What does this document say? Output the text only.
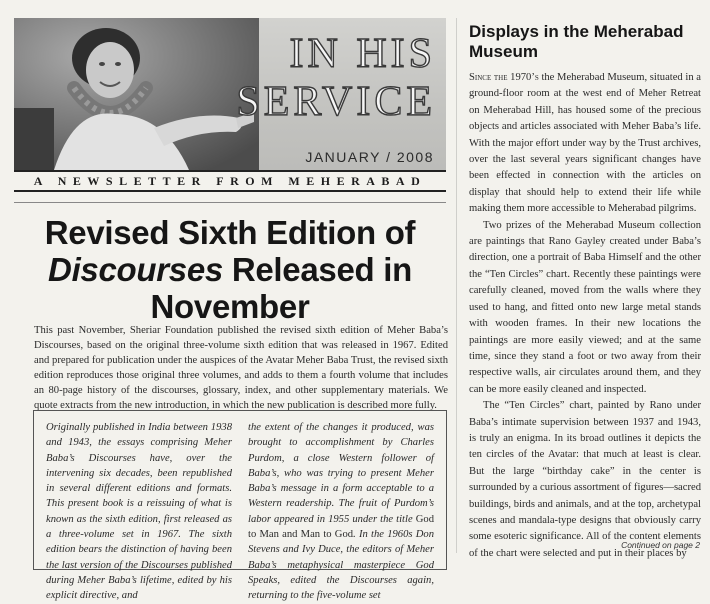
IN HIS
SERVICE
JANUARY / 2008
A NEWSLETTER FROM MEHERABAD
Revised Sixth Edition of Discourses Released in November
This past November, Sheriar Foundation published the revised sixth edition of Meher Baba’s Discourses, based on the original three-volume sixth edition that was released in 1967. Edited and prepared for publication under the auspices of the Avatar Meher Baba Trust, the revised sixth edition reproduces those original three volumes, and adds to them a fourth volume that includes an 80-page history of the discourses, glossary, index, and other supplementary materials. We quote extracts from the new introduction, in which the new publication is described more fully.
Originally published in India between 1938 and 1943, the essays comprising Meher Baba’s Discourses have, over the intervening six decades, been republished in several different editions and formats. This present book is a reissuing of what is known as the sixth edition, first released as a three-volume set in 1967. The sixth edition bears the distinction of having been the last version of the Discourses published during Meher Baba’s lifetime, edited by his explicit directive, and
the extent of the changes it produced, was brought to accomplishment by Charles Purdom, a close Western follower of Baba’s, who was trying to present Meher Baba’s message in a form acceptable to a Western readership. The fruit of Purdom’s labor appeared in 1955 under the title God to Man and Man to God. In the 1960s Don Stevens and Ivy Duce, the editors of Meher Baba’s metaphysical masterpiece God Speaks, edited the Discourses again, returning to the five-volume set
Displays in the Meherabad Museum

Since the 1970’s the Meherabad Museum, situated in a ground-floor room at the west end of Meher Retreat on Meherabad Hill, has housed some of the precious objects and articles associated with Meher Baba’s life. With the major effort under way by the Trust archives, over the last several years significant changes have been effected in connection with the articles on display that should help to extend their life while making them more accessible to Meherabad pilgrims.

Two prizes of the Meherabad Museum collection are paintings that Rano Gayley created under Baba’s direction, one a portrait of Baba Himself and the other the “Ten Circles” chart. Recently these paintings were carefully cleaned, moved from the walls where they used to hang, and fitted onto new large metal stands with wooden frames. In their new locations the paintings are more easily viewed; and at the same time, since they stand a foot or two away from their respective walls, air circulates around them, and they can be more easily cleaned and inspected.

The “Ten Circles” chart, painted by Rano under Baba’s intimate supervision between 1937 and 1943, is truly an enigma. In its broad outlines it depicts the ten circles of the Avatar: that much at least is clear. But the large “birthday cake” in the center is surrounded by a curious assortment of figures—sacred buildings, birds and animals, and at the top, archetypal scenes and mandala-type designs that obviously carry some esoteric significance. All of the content elements of the chart were selected and put in their places by

Continued on page 2
